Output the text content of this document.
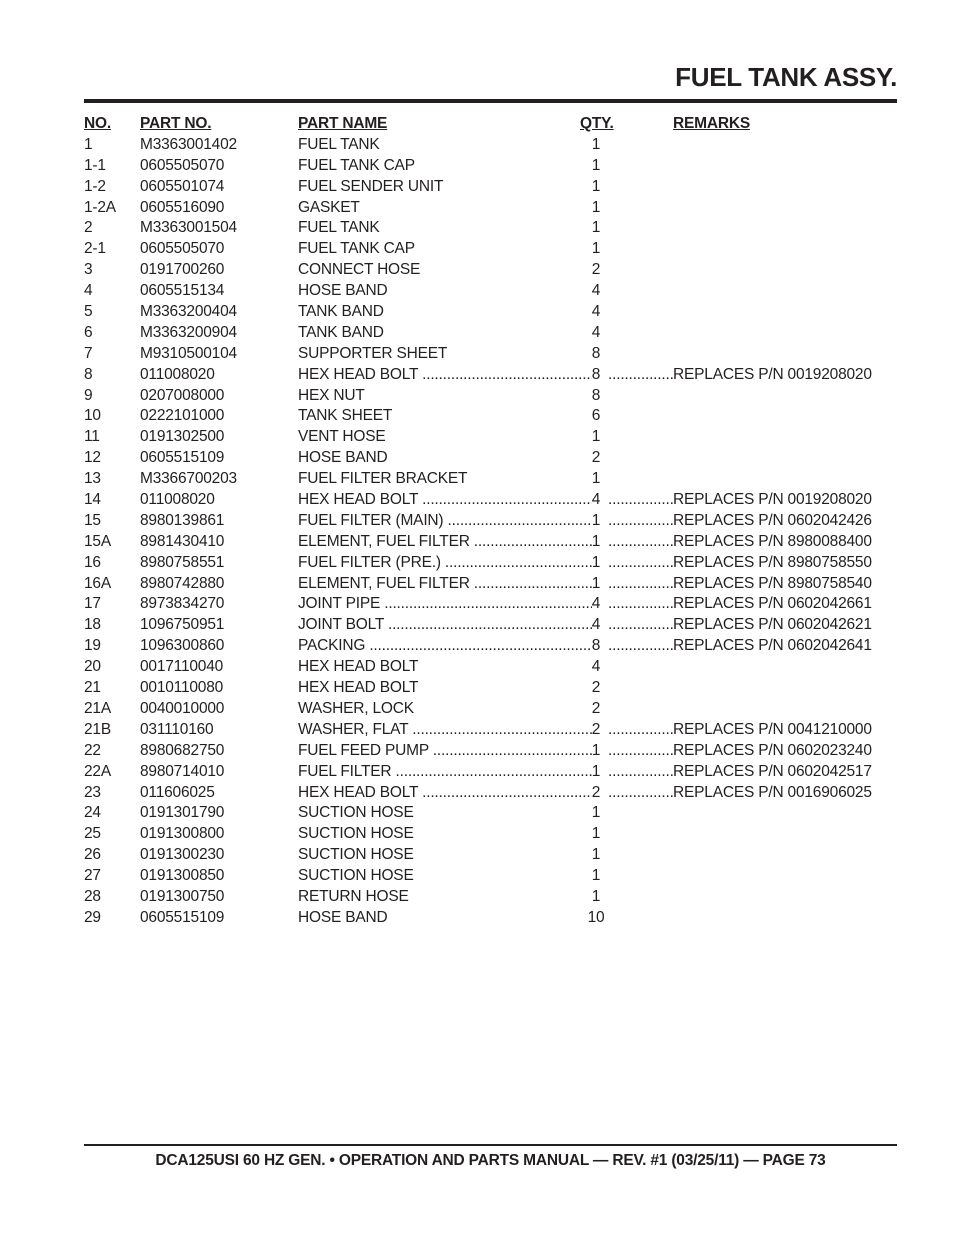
FUEL TANK ASSY.
NO. PART NO.	PART NAME	QTY.	REMARKS
1	M3363001402	FUEL TANK	1
1-1 0605505070	FUEL TANK CAP	1
1-2 0605501074	FUEL SENDER UNIT	1
1-2A 0605516090	GASKET	1
2	M3363001504	FUEL TANK	1
2-1 0605505070	FUEL TANK CAP	1
3	0191700260	CONNECT HOSE	2
4	0605515134	HOSE BAND	4
5	M3363200404	TANK BAND	4
6	M3363200904	TANK BAND	4
7	M9310500104	SUPPORTER SHEET	8
8	011008020	HEX HEAD BOLT .....	8 .....	REPLACES P/N 0019208020
9	0207008000	HEX NUT	8
10	0222101000	TANK SHEET	6
11	0191302500	VENT HOSE	1
12	0605515109	HOSE BAND	2
13	M3366700203	FUEL FILTER BRACKET	1
14	011008020	HEX HEAD BOLT .....	4 .....	REPLACES P/N 0019208020
15	8980139861	FUEL FILTER (MAIN) .....	1 .....	REPLACES P/N 0602042426
15A 8981430410	ELEMENT, FUEL FILTER .....	1 .....	REPLACES P/N 8980088400
16	8980758551	FUEL FILTER (PRE.) .....	1 .....	REPLACES P/N 8980758550
16A 8980742880	ELEMENT, FUEL FILTER .....	1 .....	REPLACES P/N 8980758540
17	8973834270	JOINT PIPE .....	4 .....	REPLACES P/N 0602042661
18	1096750951	JOINT BOLT .....	4 .....	REPLACES P/N 0602042621
19	1096300860	PACKING .....	8 .....	REPLACES P/N 0602042641
20	0017110040	HEX HEAD BOLT	4
21	0010110080	HEX HEAD BOLT	2
21A 0040010000	WASHER, LOCK	2
21B 031110160	WASHER, FLAT .....	2 .....	REPLACES P/N 0041210000
22	8980682750	FUEL FEED PUMP .....	1 .....	REPLACES P/N 0602023240
22A 8980714010	FUEL FILTER .....	1 .....	REPLACES P/N 0602042517
23	011606025	HEX HEAD BOLT .....	2 .....	REPLACES P/N 0016906025
24	0191301790	SUCTION HOSE	1
25	0191300800	SUCTION HOSE	1
26	0191300230	SUCTION HOSE	1
27	0191300850	SUCTION HOSE	1
28	0191300750	RETURN HOSE	1
29	0605515109	HOSE BAND	10
DCA125USI 60 HZ GEN. • OPERATION AND PARTS MANUAL — REV. #1 (03/25/11) — PAGE 73
